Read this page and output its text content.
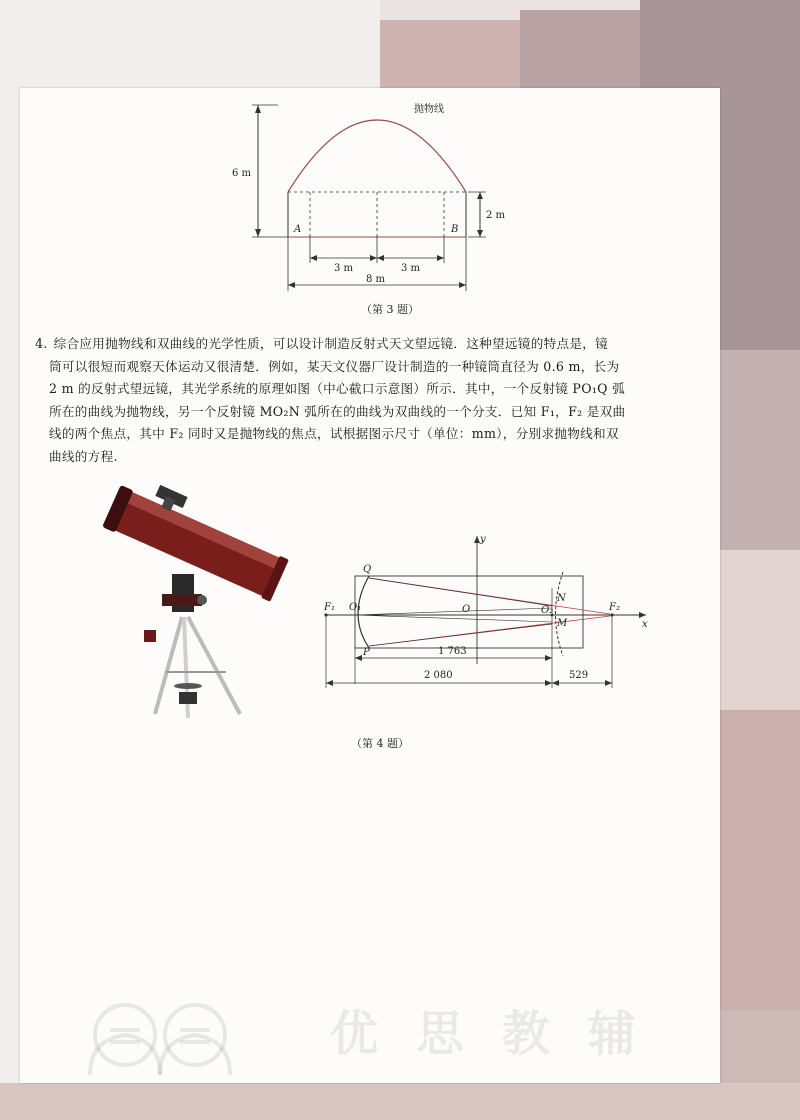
抛物线
6 m
2 m
A	B
3 m	3 m
8 m
（第 3 题）
4. 综合应用抛物线和双曲线的光学性质，可以设计制造反射式天文望远镜．这种望远镜的特点是，镜
筒可以很短而观察天体运动又很清楚．例如，某天文仪器厂设计制造的一种镜筒直径为 0.6 m，长为
2 m 的反射式望远镜，其光学系统的原理如图（中心截口示意图）所示．其中，一个反射镜 PO₁Q 弧
所在的曲线为抛物线，另一个反射镜 MO₂N 弧所在的曲线为双曲线的一个分支．已知 F₁，F₂ 是双曲
线的两个焦点，其中 F₂ 同时又是抛物线的焦点，试根据图示尺寸（单位：mm），分别求抛物线和双
曲线的方程.
y
x
F₁	F₂
O₁	O	O₂
Q
P
N
M
1 763
2 080	529
（第 4 题）
优思教辅
